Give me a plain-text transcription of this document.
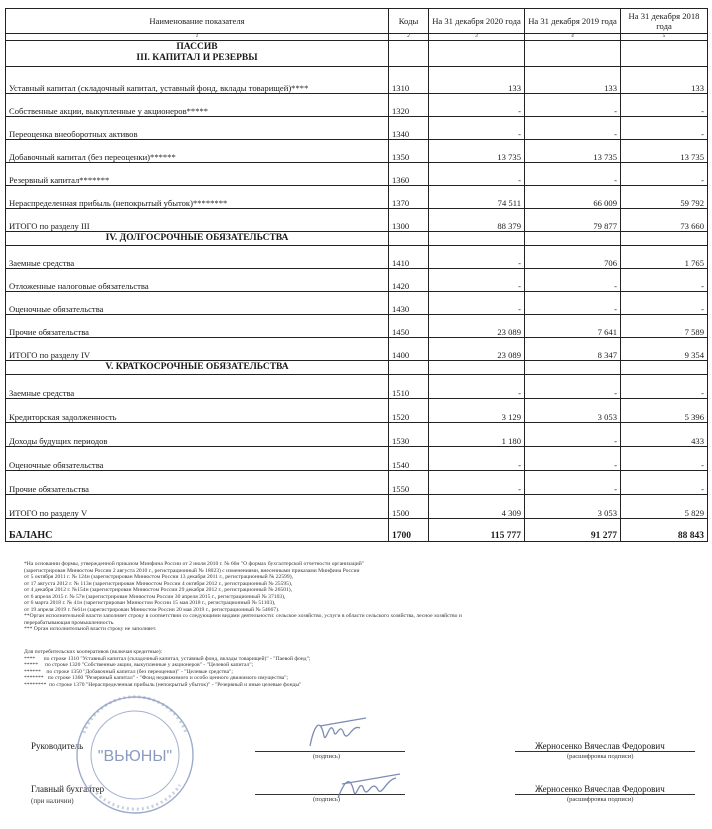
Наименование показателя	Коды	На 31 декабря 2020 года	На 31 декабря 2019 года	На 31 декабря 2018 года
1	2	3	4	5

ПАССИВ
III. КАПИТАЛ И РЕЗЕРВЫ				

Уставный капитал (складочный капитал, уставный фонд, вклады товарищей)****	1310	133	133	133
Собственные акции, выкупленные у акционеров*****	1320	-	-	-
Переоценка внеоборотных активов	1340	-	-	-
Добавочный капитал (без переоценки)******	1350	13 735	13 735	13 735
Резервный капитал*******	1360	-	-	-
Нераспределенная прибыль (непокрытый убыток)********	1370	74 511	66 009	59 792
ИТОГО по разделу III	1300	88 379	79 877	73 660
IV. ДОЛГОСРОЧНЫЕ ОБЯЗАТЕЛЬСТВА				
Заемные средства	1410	-	706	1 765
Отложенные налоговые обязательства	1420	-	-	-
Оценочные обязательства	1430	-	-	-
Прочие обязательства	1450	23 089	7 641	7 589
ИТОГО по разделу IV	1400	23 089	8 347	9 354
V. КРАТКОСРОЧНЫЕ ОБЯЗАТЕЛЬСТВА				
Заемные средства	1510	-	-	-
Кредиторская задолженность	1520	3 129	3 053	5 396
Доходы будущих периодов	1530	1 180	-	433
Оценочные обязательства	1540	-	-	-
Прочие обязательства	1550	-	-	-
ИТОГО по разделу V	1500	4 309	3 053	5 829
БАЛАНС	1700	115 777	91 277	88 843
*На основании формы, утвержденной приказом Минфина России от 2 июля 2010 г. № 66н "О формах бухгалтерской отчетности организаций"
(зарегистрирован Минюстом России 2 августа 2010 г., регистрационный № 18023) с изменениями, внесенными приказами Минфина России
от 5 октября 2011 г. № 124н (зарегистрирован Минюстом России 13 декабря 2011 г., регистрационный № 22599),
от 17 августа 2012 г. № 113н (зарегистрирован Минюстом России 4 октября 2012 г., регистрационный № 25595),
от 4 декабря 2012 г. №154н (зарегистрирован Минюстом России 29 декабря 2012 г., регистрационный № 26501),
от 6 апреля 2015 г. № 57н (зарегистрирован Минюстом России 30 апреля 2015 г., регистрационный № 37103),
от 6 марта 2018 г. № 41н (зарегистрирован Минюстом России 15 мая 2018 г., регистрационный № 51103),
от 19 апреля 2019 г. №61н (зарегистрирован Минюстом России 20 мая 2019 г., регистрационный № 54667).
**Орган исполнительной власти заполняет строку в соответствии со следующими видами деятельности: сельское хозяйство, услуги в области сельского хозяйства, лесное хозяйство и
перерабатывающая промышленность.
*** Орган исполнительной власти строку не заполняет.
Для потребительских кооперативов (включая кредитные):
****      по строке 1310 "Уставный капитал (складочный капитал, уставный фонд, вклады товарищей)" - "Паевой фонд";
*****     по строке 1320 "Собственные акции, выкупленные у акционеров" - "Целевой капитал";
******    по строке 1350 "Добавочный капитал (без переоценки)" - "Целевые средства";
*******   по строке 1360 "Резервный капитал" - "Фонд недвижимого и особо ценного движимого имущества";
********  по строке 1370 "Нераспределенная прибыль (непокрытый убыток)" - "Резервный и иные целевые фонды"
Руководитель
(подпись)
Жерносенко Вячеслав Федорович
(расшифровка подписи)
Главный бухгалтер
(при наличии)	(подпись)
Жерносенко Вячеслав Федорович
(расшифровка подписи)
"ВЬЮНЫ"
